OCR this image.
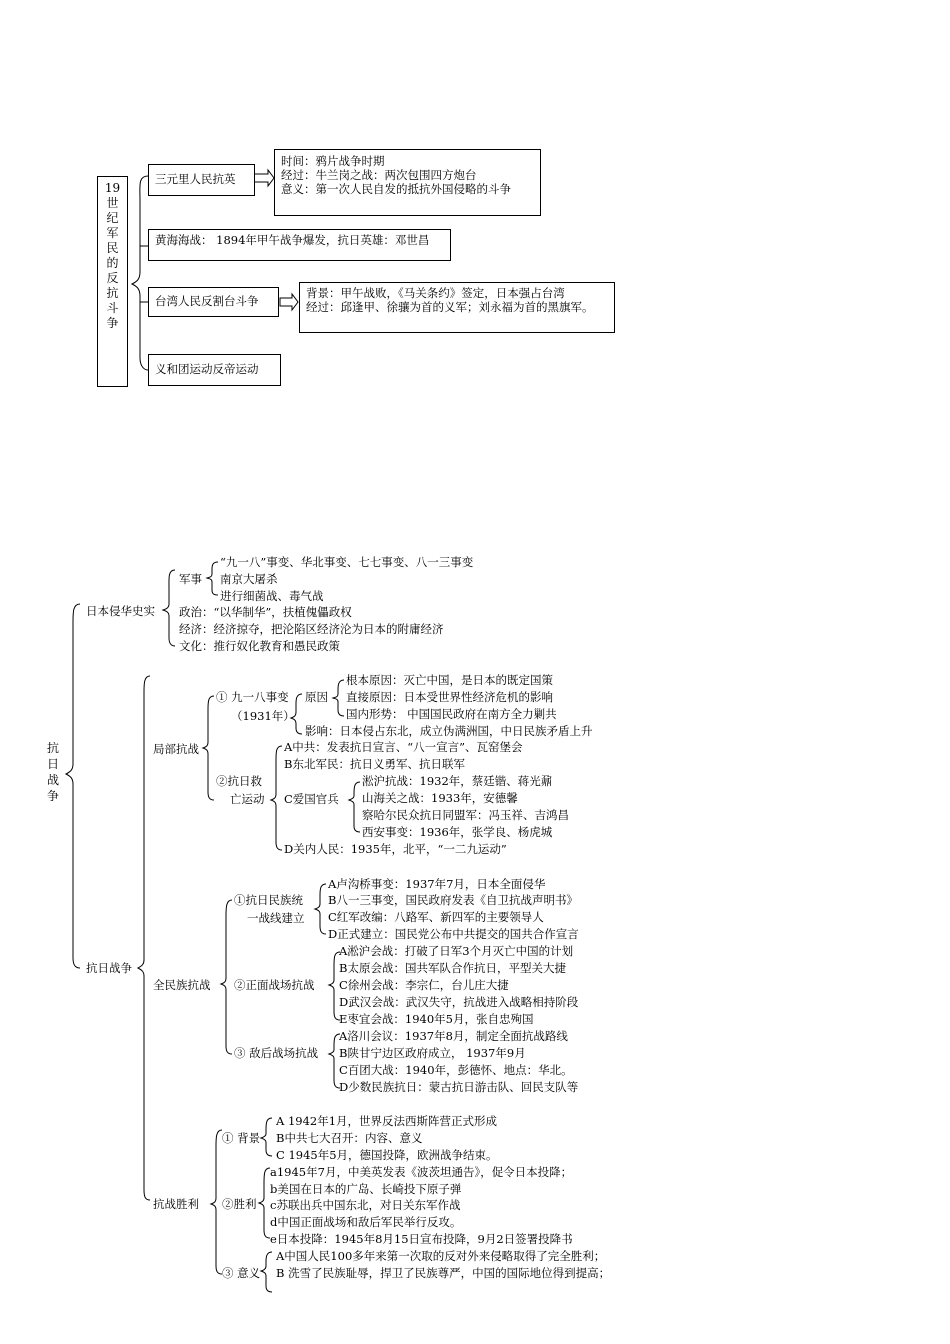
19世纪军民的反抗斗争
三元里人民抗英
时间：鸦片战争时期
经过：牛兰岗之战：两次包围四方炮台
意义：第一次人民自发的抵抗外国侵略的斗争
黄海海战： 1894年甲午战争爆发，抗日英雄：邓世昌
台湾人民反割台斗争
背景：甲午战败，《马关条约》签定，日本强占台湾
经过：邱逢甲、徐骧为首的义军；刘永福为首的黑旗军。
义和团运动反帝运动
抗日战争
日本侵华史实
军事
“九一八”事变、华北事变、七七事变、八一三事变
南京大屠杀
进行细菌战、毒气战
政治：“以华制华”，扶植傀儡政权
经济：经济掠夺，把沦陷区经济沦为日本的附庸经济
文化：推行奴化教育和愚民政策
抗日战争
局部抗战
① 九一八事变
（1931年）
原因
根本原因：灭亡中国，是日本的既定国策
直接原因：日本受世界性经济危机的影响
国内形势： 中国国民政府在南方全力剿共
影响：日本侵占东北，成立伪满洲国，中日民族矛盾上升
②抗日救
亡运动
A中共：发表抗日宣言、“八一宣言”、瓦窑堡会
B东北军民：抗日义勇军、抗日联军
C爱国官兵
淞沪抗战：1932年，蔡廷锴、蒋光鼐
山海关之战：1933年，安德馨
察哈尔民众抗日同盟军：冯玉祥、吉鸿昌
西安事变：1936年，张学良、杨虎城
D关内人民：1935年，北平，“一二九运动”
全民族抗战
①抗日民族统
一战线建立
A卢沟桥事变：1937年7月，日本全面侵华
B八一三事变，国民政府发表《自卫抗战声明书》
C红军改编：八路军、新四军的主要领导人
D正式建立：国民党公布中共提交的国共合作宣言
②正面战场抗战
A淞沪会战：打破了日军3个月灭亡中国的计划
B太原会战：国共军队合作抗日，平型关大捷
C徐州会战：李宗仁，台儿庄大捷
D武汉会战：武汉失守，抗战进入战略相持阶段
E枣宜会战：1940年5月，张自忠殉国
③ 敌后战场抗战
A洛川会议：1937年8月，制定全面抗战路线
B陕甘宁边区政府成立， 1937年9月
C百团大战：1940年，彭德怀、地点：华北。
D少数民族抗日：蒙古抗日游击队、回民支队等
抗战胜利
① 背景
A 1942年1月，世界反法西斯阵营正式形成
B中共七大召开：内容、意义
C 1945年5月，德国投降，欧洲战争结束。
②胜利
a1945年7月，中美英发表《波茨坦通告》，促令日本投降；
b美国在日本的广岛、长崎投下原子弹
c苏联出兵中国东北，对日关东军作战
d中国正面战场和敌后军民举行反攻。
e日本投降：1945年8月15日宣布投降，9月2日签署投降书
③ 意义
A中国人民100多年来第一次取的反对外来侵略取得了完全胜利；
B 洗雪了民族耻辱，捍卫了民族尊严，中国的国际地位得到提高；
